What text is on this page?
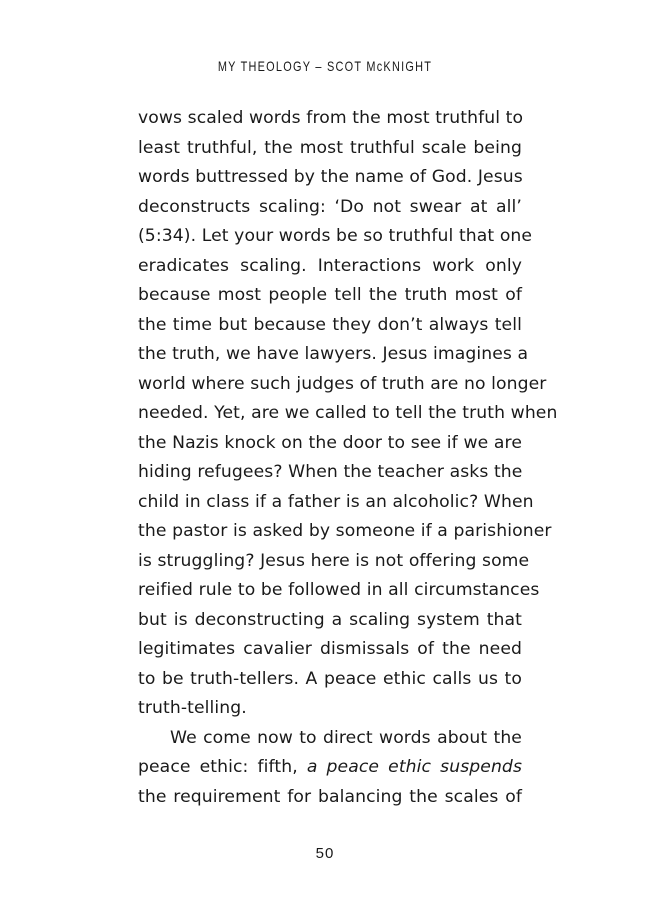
MY THEOLOGY – SCOT McKNIGHT
vows scaled words from the most truthful to
least truthful, the most truthful scale being
words buttressed by the name of God. Jesus
deconstructs scaling: ‘Do not swear at all’
(5:34). Let your words be so truthful that one
eradicates scaling. Interactions work only
because most people tell the truth most of
the time but because they don’t always tell
the truth, we have lawyers. Jesus imagines a
world where such judges of truth are no longer
needed. Yet, are we called to tell the truth when
the Nazis knock on the door to see if we are
hiding refugees? When the teacher asks the
child in class if a father is an alcoholic? When
the pastor is asked by someone if a parishioner
is struggling? Jesus here is not offering some
reified rule to be followed in all circumstances
but is deconstructing a scaling system that
legitimates cavalier dismissals of the need
to be truth-tellers. A peace ethic calls us to
truth-telling.
We come now to direct words about the
peace ethic: fifth, a peace ethic suspends
the requirement for balancing the scales of
50
